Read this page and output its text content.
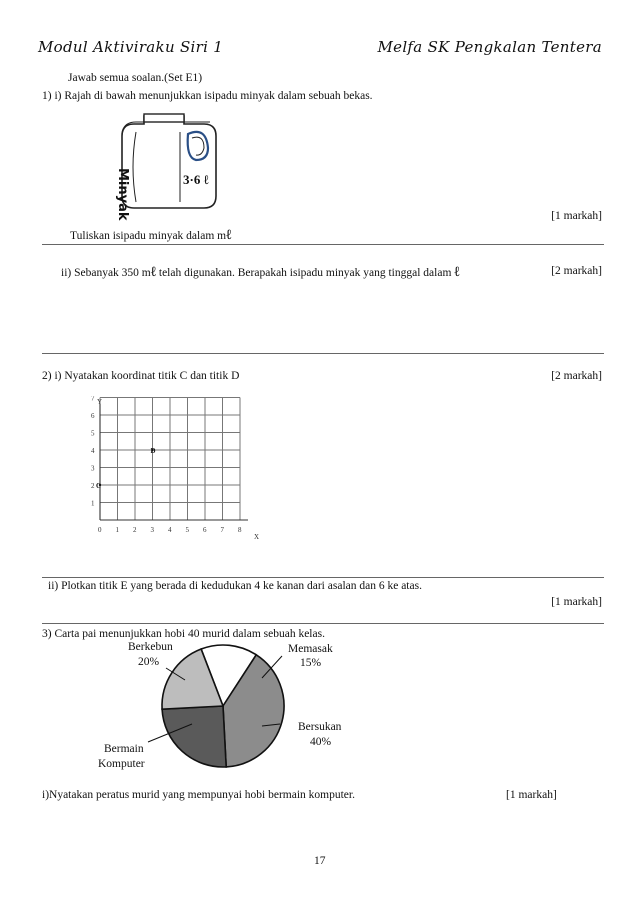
Modul Aktiviraku Siri 1	Melfa SK Pengkalan Tentera
Jawab semua soalan.(Set E1)
1) i) Rajah di bawah menunjukkan isipadu minyak dalam sebuah bekas.
Minyak	3·6 ℓ
[1 markah]
Tuliskan isipadu minyak dalam mℓ
ii) Sebanyak 350 mℓ telah digunakan. Berapakah isipadu minyak yang tinggal dalam ℓ	[2 markah]
2) i) Nyatakan koordinat titik C dan titik D	[2 markah]
Y
X
0 1 2 3 4 5 6 7 8
1
2
3
4
5
6
7
C
D
ii) Plotkan titik E yang berada di kedudukan 4 ke kanan dari asalan dan 6 ke atas.
[1 markah]
3) Carta pai menunjukkan hobi 40 murid dalam sebuah kelas.
Berkebun
20%
Memasak
15%
Bersukan
40%
Bermain
Komputer
i)Nyatakan peratus murid yang mempunyai hobi bermain komputer.	[1 markah]
17
